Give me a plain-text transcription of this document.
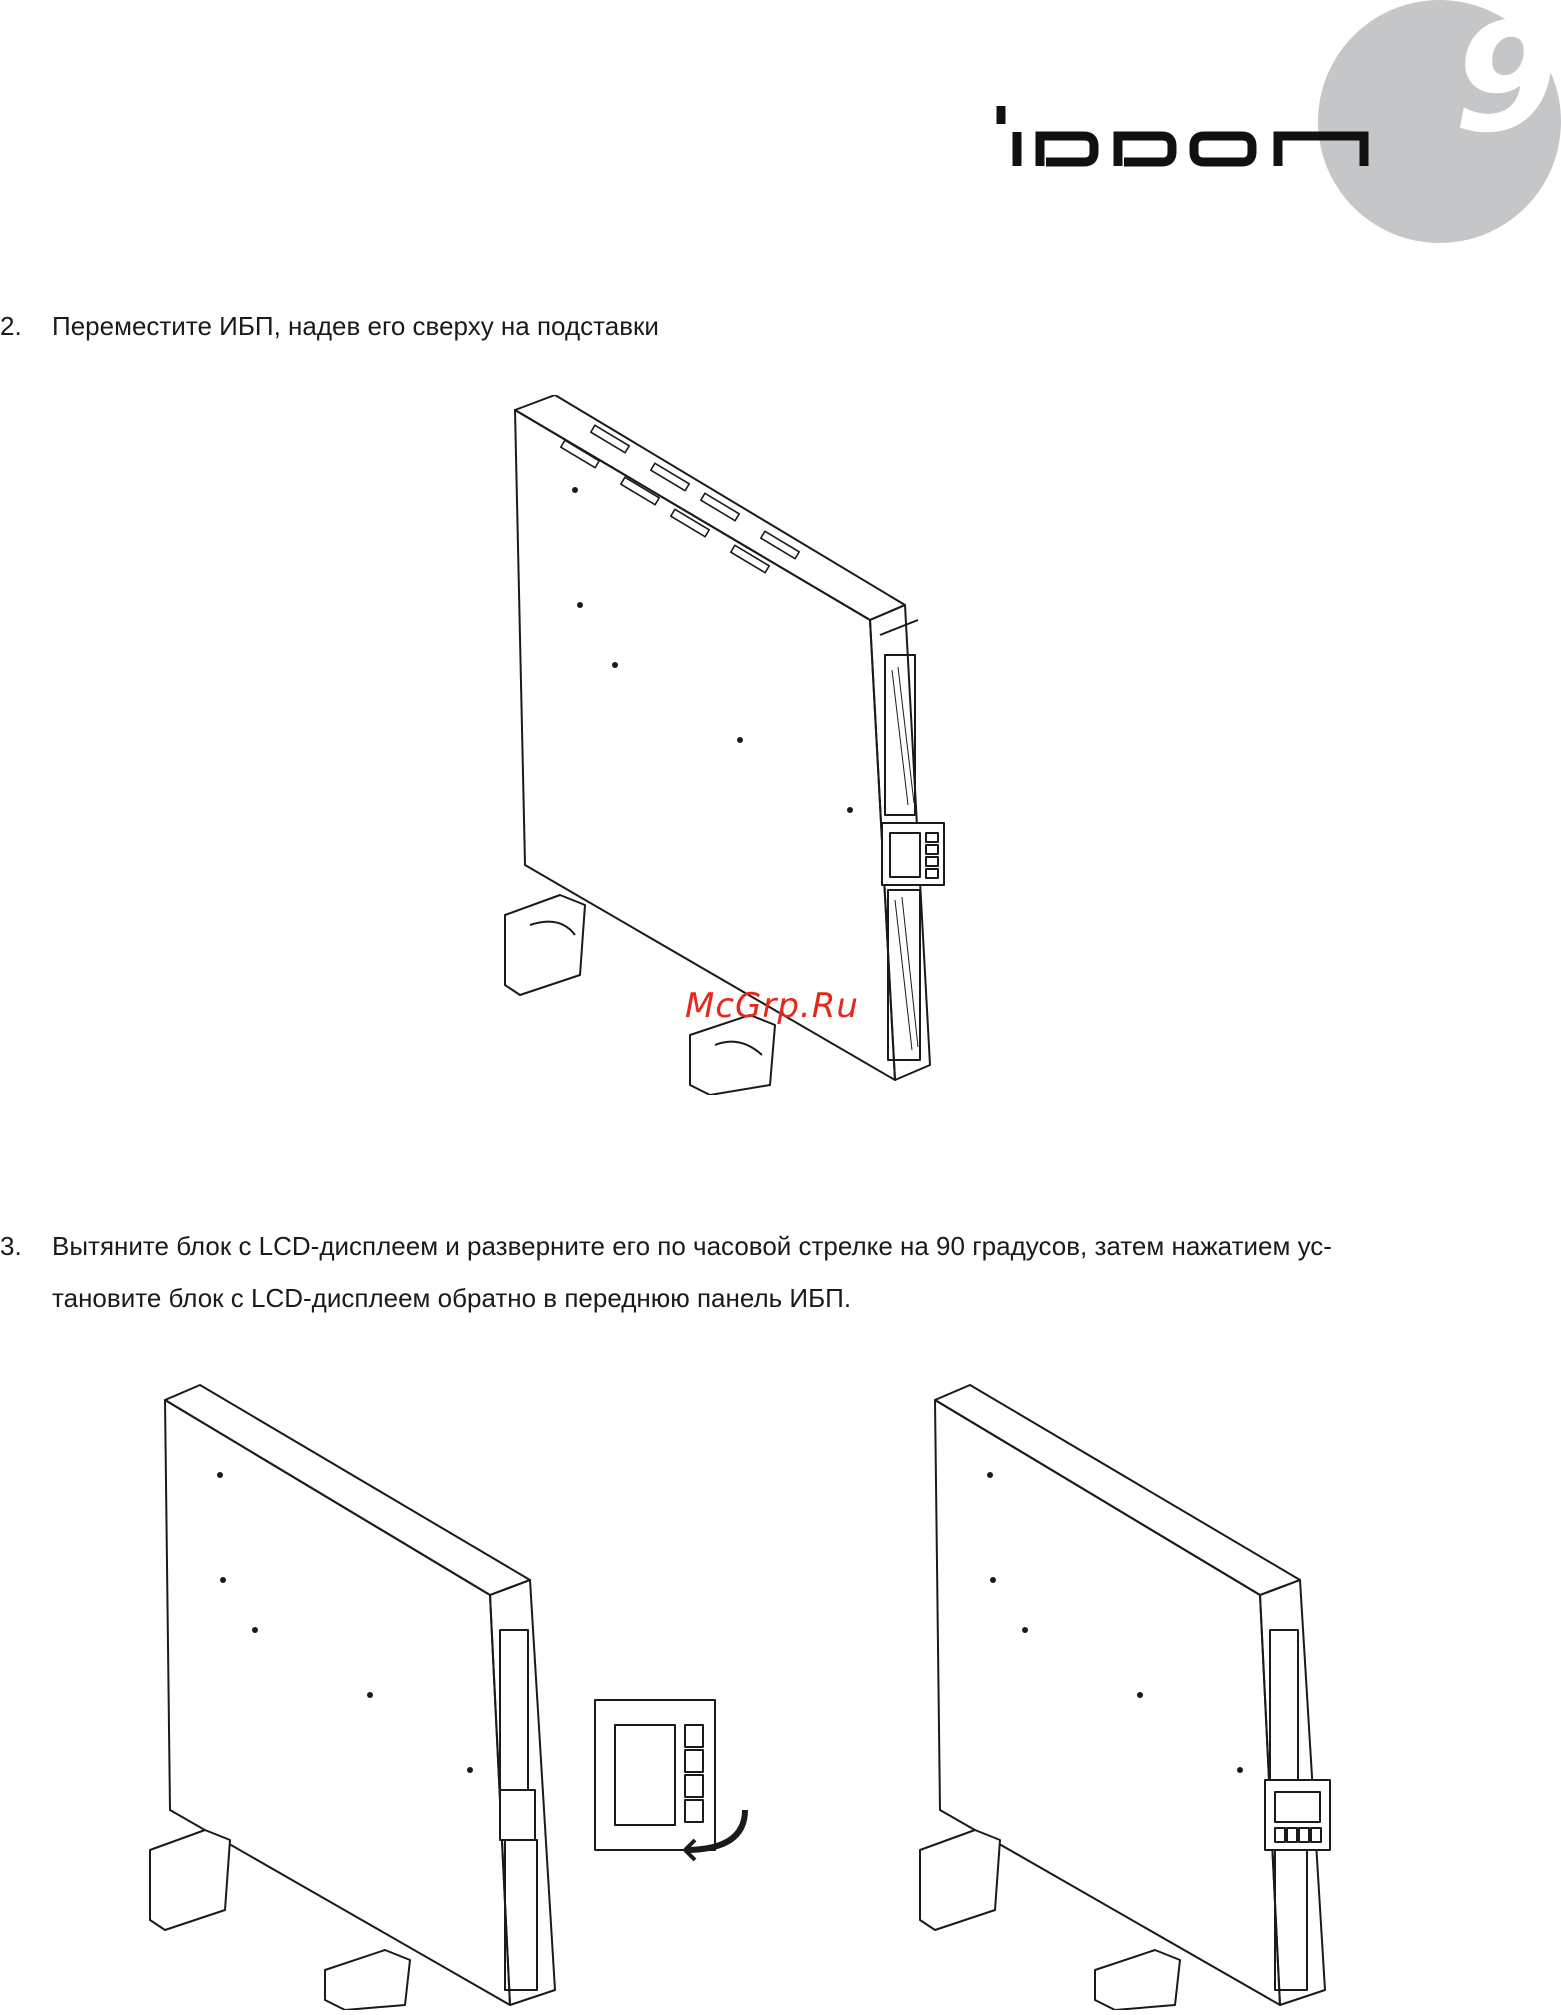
9
2. Переместите ИБП, надев его сверху на подставки
McGrp.Ru
3. Вытяните блок с LCD-дисплеем и разверните его по часовой стрелке на 90 градусов, затем нажатием ус-
тановите блок с LCD-дисплеем обратно в переднюю панель ИБП.
